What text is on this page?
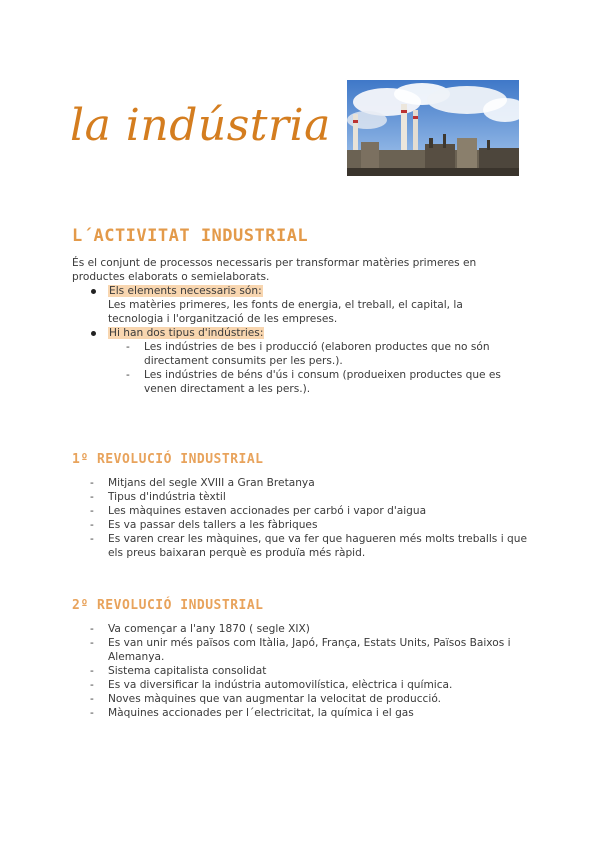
la indústria
L´ACTIVITAT INDUSTRIAL

És el conjunt de processos necessaris per transformar matèries primeres en productes elaborats o semielaborats.

Els elements necessaris són:
Les matèries primeres, les fonts de energia, el treball, el capital, la tecnologia i l'organització de les empreses.
Hi han dos tipus d'indústries:
- Les indústries de bes i producció (elaboren productes que no són directament consumits per les pers.).
- Les indústries de béns d'ús i consum (produeixen productes que es venen directament a les pers.).
1º REVOLUCIÓ INDUSTRIAL
- Mitjans del segle XVIII a Gran Bretanya
- Tipus d'indústria tèxtil
- Les màquines estaven accionades per carbó i vapor d'aigua
- Es va passar dels tallers a les fàbriques
- Es varen crear les màquines, que va fer que hagueren més molts treballs i que els preus baixaran perquè es produïa més ràpid.
2º REVOLUCIÓ INDUSTRIAL
- Va començar a l'any 1870 ( segle XIX)
- Es van unir més països com Itàlia, Japó, França, Estats Units, Països Baixos i Alemanya.
- Sistema capitalista consolidat
- Es va diversificar la indústria automovilística, elèctrica i química.
- Noves màquines que van augmentar la velocitat de producció.
- Màquines accionades per l´electricitat, la química i el gas
